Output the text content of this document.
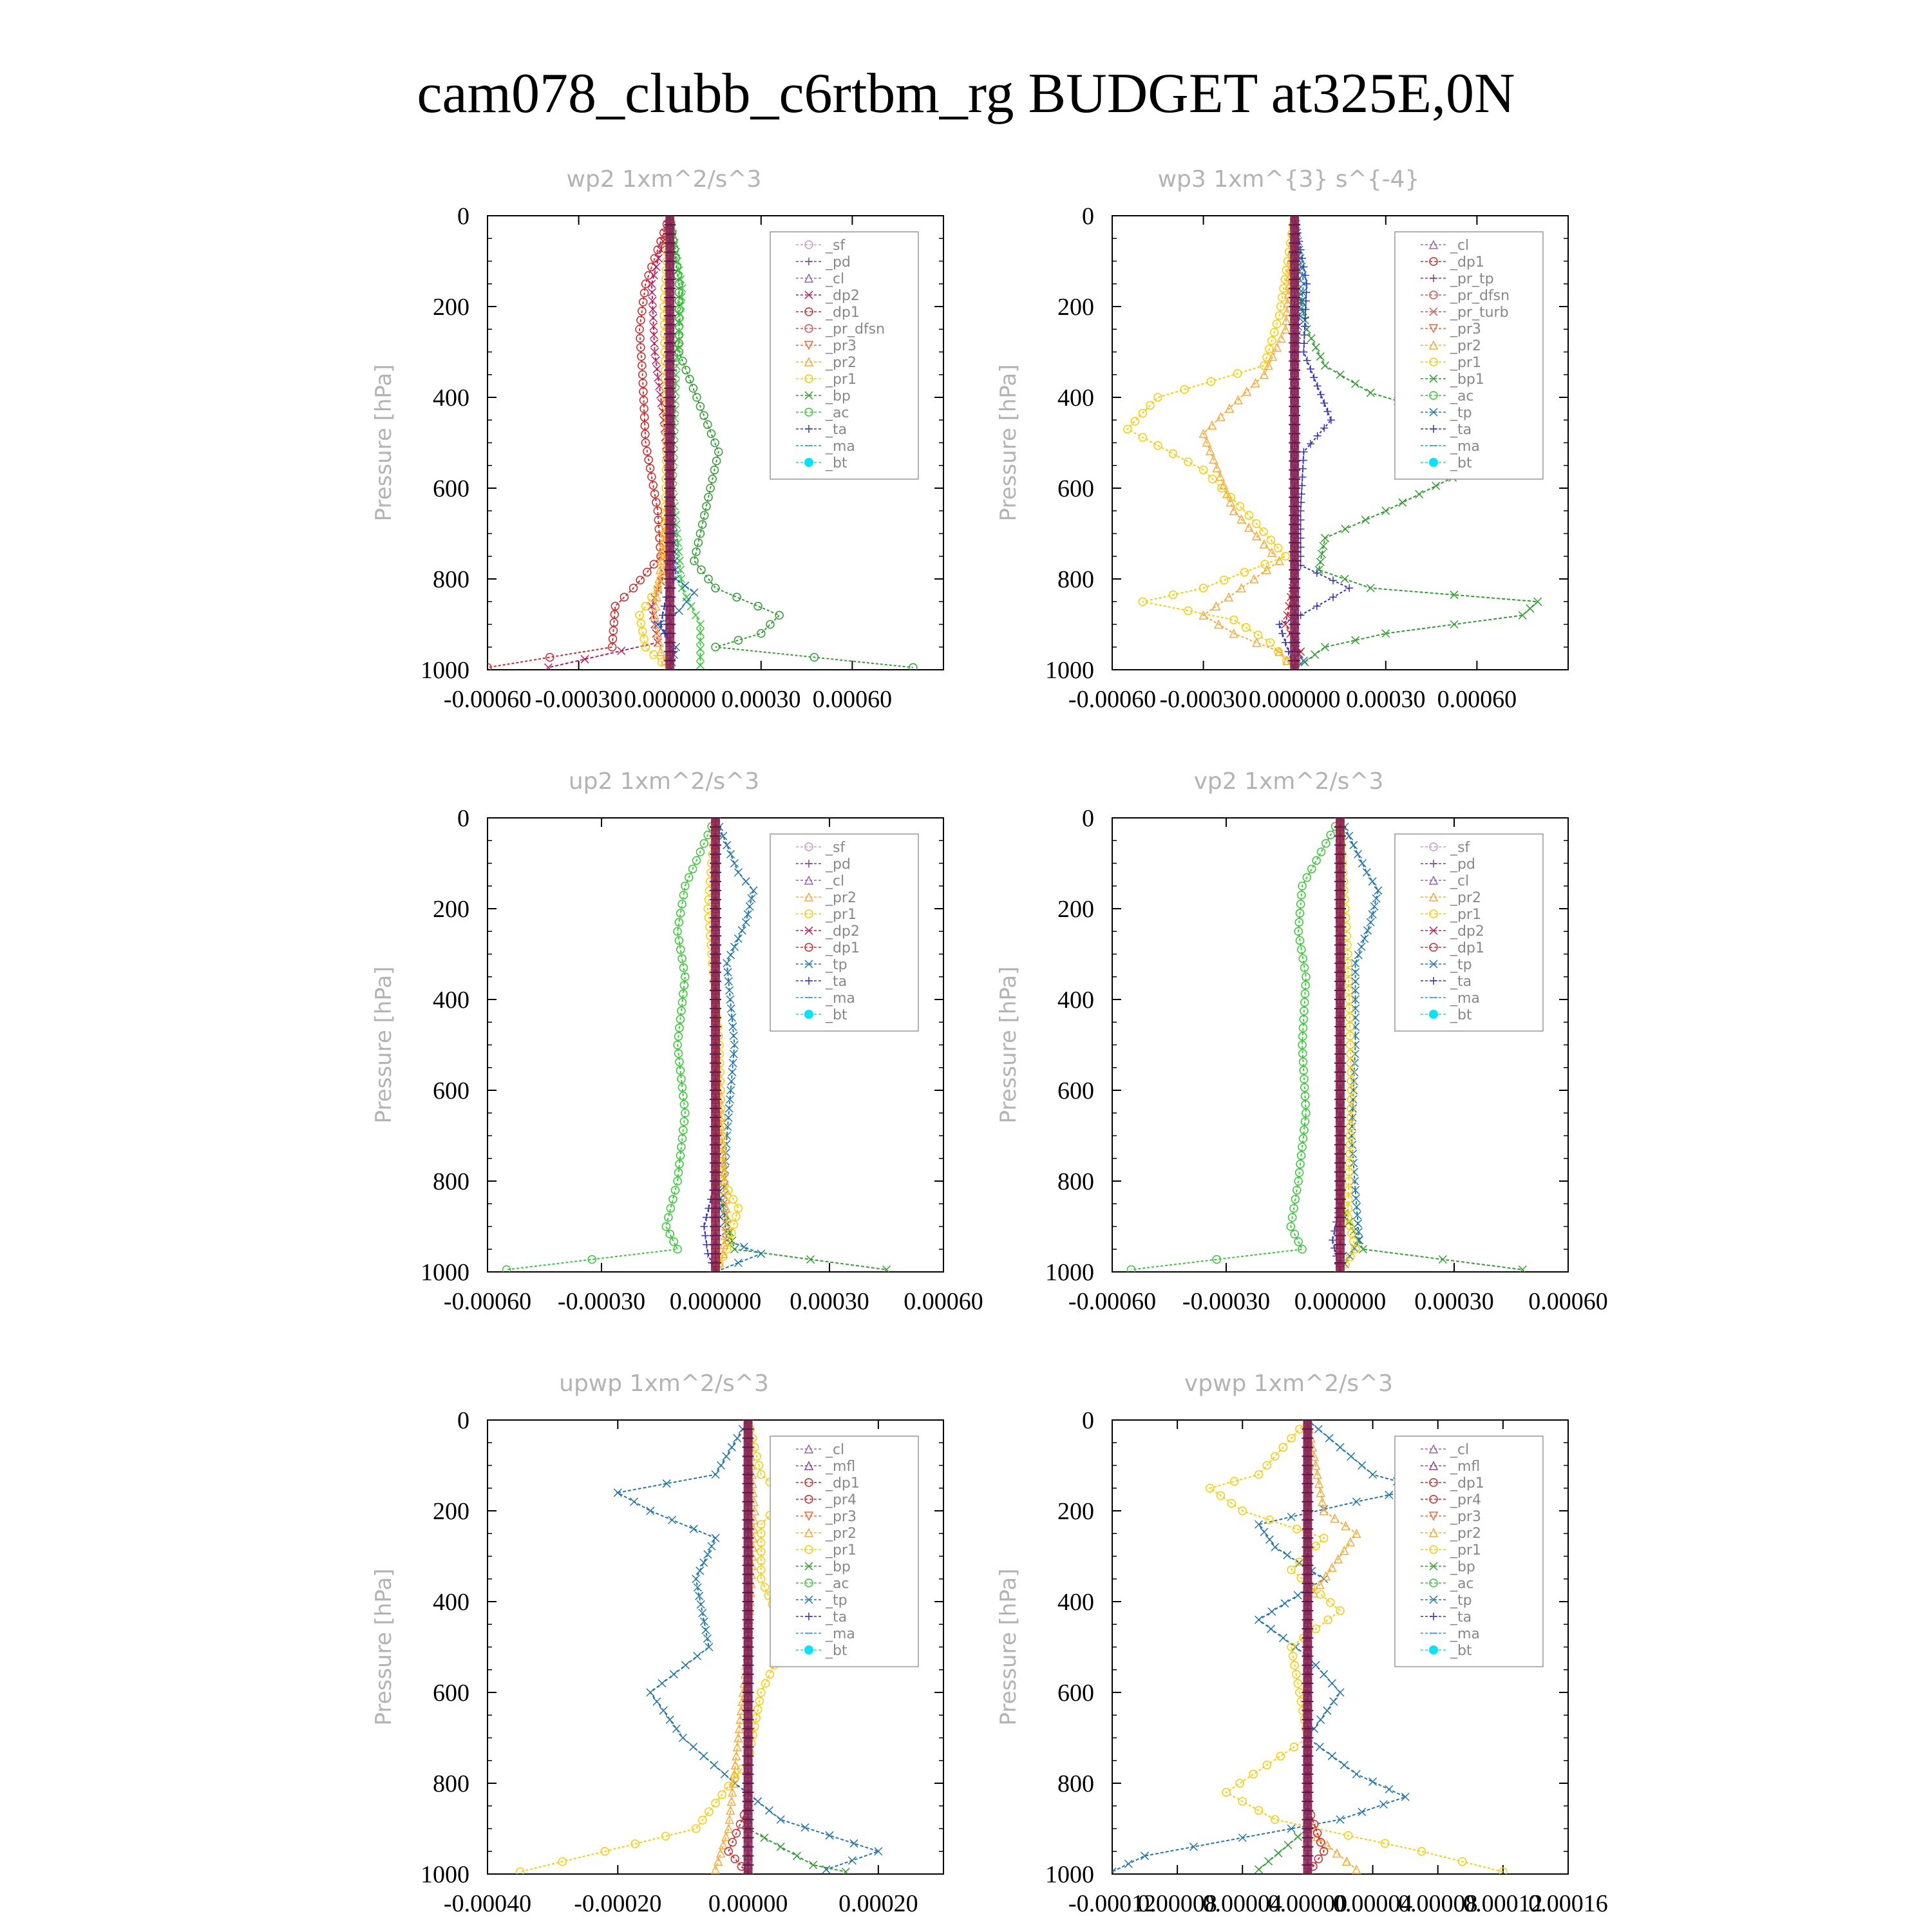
cam078_clubb_c6rtbm_rg BUDGET at325E,0N
wp2 1xm^2/s^3
Pressure [hPa]
0
200
400
600
800
1000
-0.00060 -0.00030 0.000000 0.00030 0.00060
_sf
_pd
_cl
_dp2
_dp1
_pr_dfsn
_pr3
_pr2
_pr1
_bp
_ac
_ta
_ma
_bt
wp3 1xm^{3} s^{-4}
Pressure [hPa]
0
200
400
600
800
1000
-0.00060 -0.00030 0.000000 0.00030 0.00060
_cl
_dp1
_pr_tp
_pr_dfsn
_pr_turb
_pr3
_pr2
_pr1
_bp1
_ac
_tp
_ta
_ma
_bt
up2 1xm^2/s^3
Pressure [hPa]
0
200
400
600
800
1000
-0.00060 -0.00030 0.000000 0.00030 0.00060
_sf
_pd
_cl
_pr2
_pr1
_dp2
_dp1
_tp
_ta
_ma
_bt
vp2 1xm^2/s^3
Pressure [hPa]
0
200
400
600
800
1000
-0.00060 -0.00030 0.000000 0.00030 0.00060
_sf
_pd
_cl
_pr2
_pr1
_dp2
_dp1
_tp
_ta
_ma
_bt
upwp 1xm^2/s^3
Pressure [hPa]
0
200
400
600
800
1000
-0.00040 -0.00020 0.00000 0.00020
_cl
_mfl
_dp1
_pr4
_pr3
_pr2
_pr1
_bp
_ac
_tp
_ta
_ma
_bt
vpwp 1xm^2/s^3
Pressure [hPa]
0
200
400
600
800
1000
-0.00012
0.00008
0.00004
0.00000
0.00004
0.00008
0.00012
0.00016
_cl
_mfl
_dp1
_pr4
_pr3
_pr2
_pr1
_bp
_ac
_tp
_ta
_ma
_bt
